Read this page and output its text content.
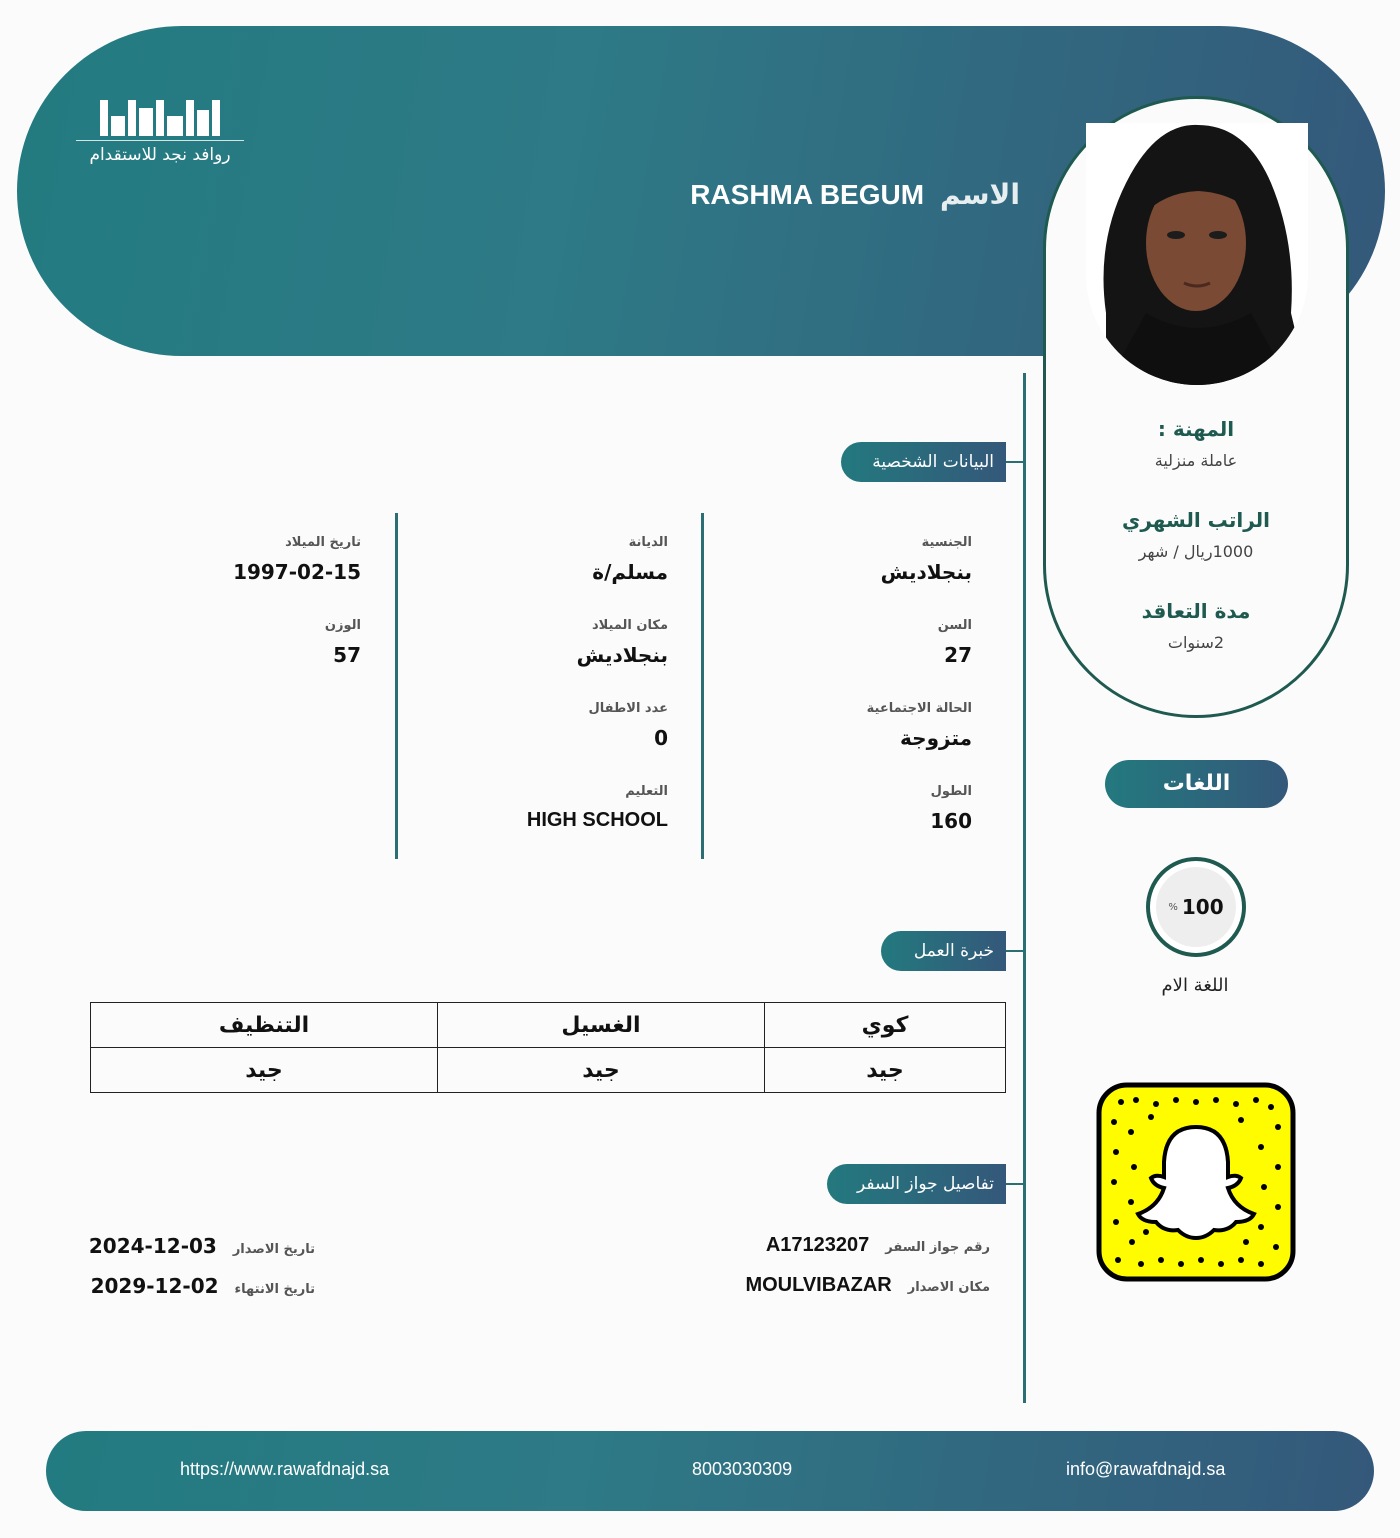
روافد نجد للاستقدام
الاسم
RASHMA BEGUM
المهنة :
عاملة منزلية
الراتب الشهري
1000ريال / شهر
مدة التعاقد
2سنوات
البيانات الشخصية
الجنسية
بنجلاديش
السن
27
الحالة الاجتماعية
متزوجة
الطول
160
الديانة
مسلم/ة
مكان الميلاد
بنجلاديش
عدد الاطفال
0
التعليم
HIGH SCHOOL
تاريخ الميلاد
1997-02-15
الوزن
57
خبرة العمل
كوي	الغسيل	التنظيف
جيد	جيد	جيد
تفاصيل جواز السفر
رقم جواز السفر
A17123207
مكان الاصدار
MOULVIBAZAR
تاريخ الاصدار
2024-12-03
تاريخ الانتهاء
2029-12-02
اللغات
% 100
اللغة الام
https://www.rawafdnajd.sa	8003030309	info@rawafdnajd.sa
